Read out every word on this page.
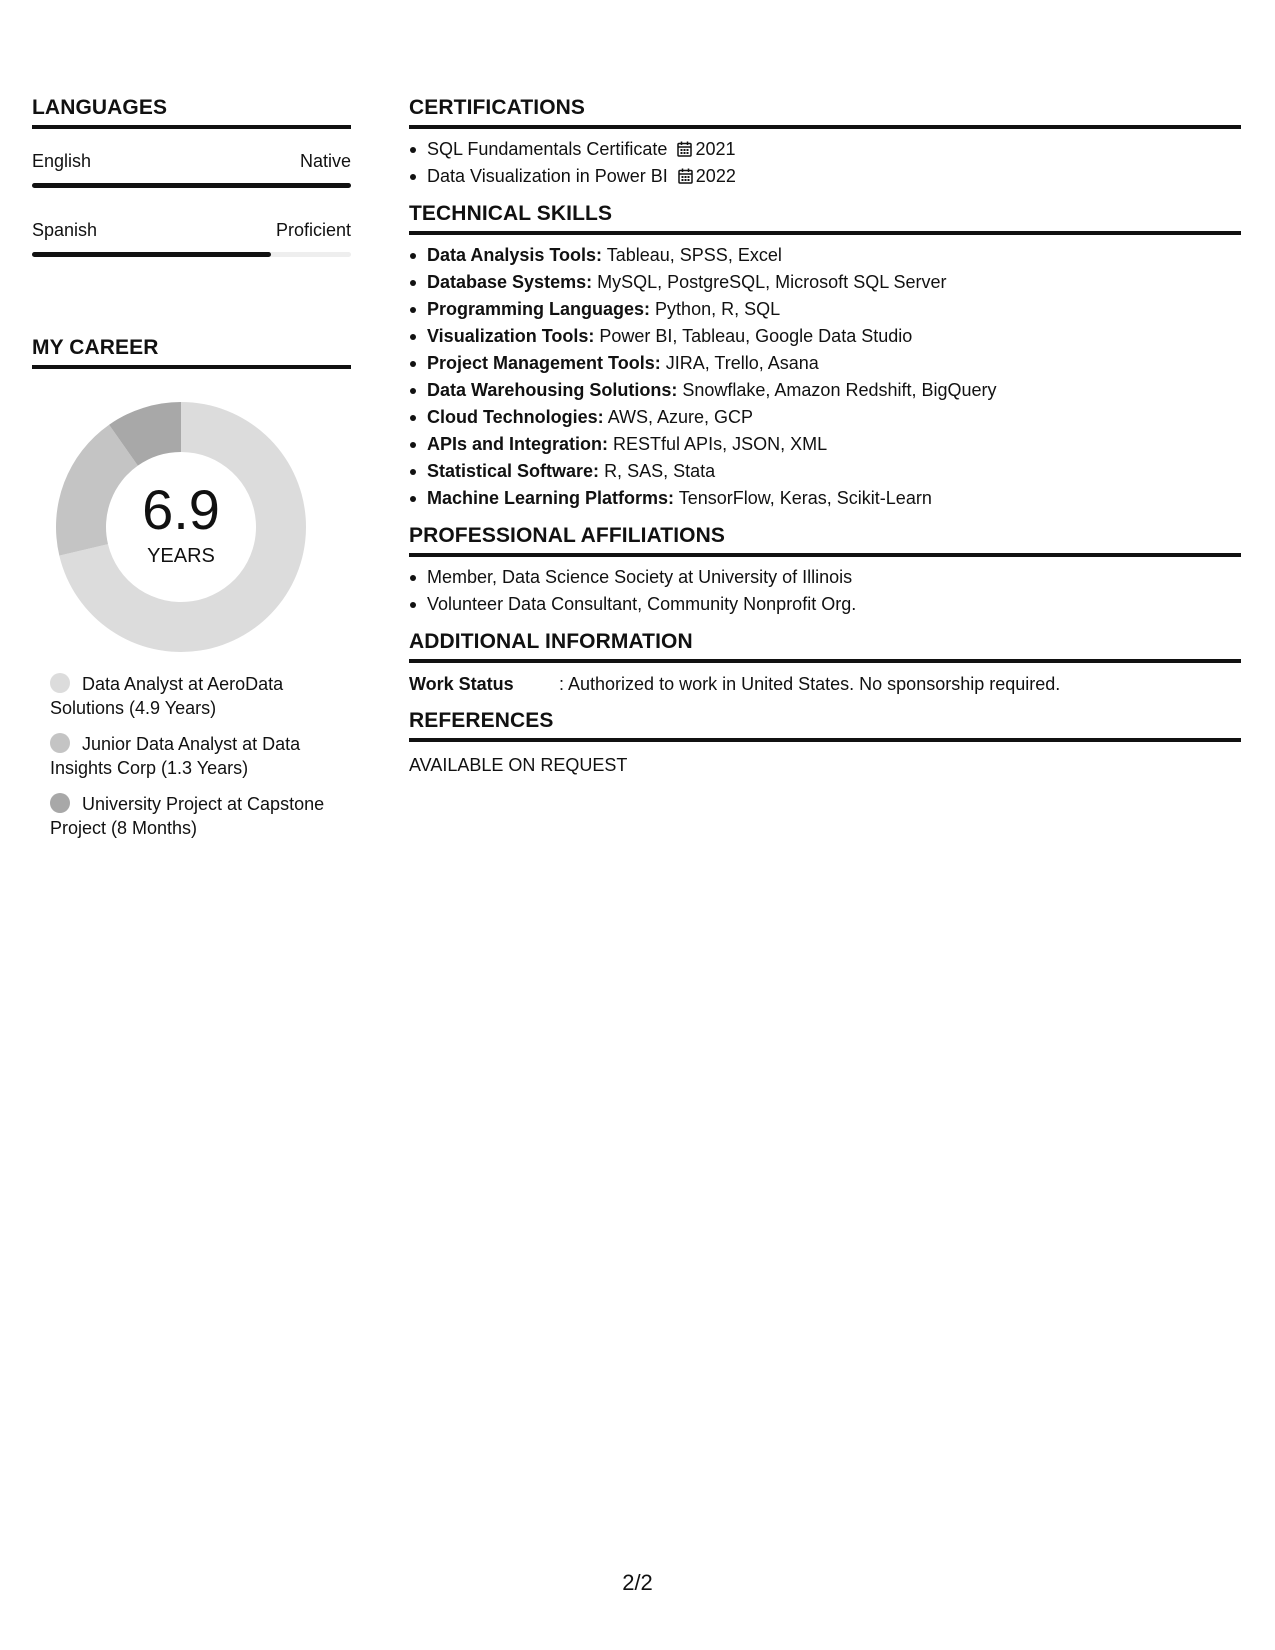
LANGUAGES
English	Native
Spanish	Proficient
MY CAREER
6.9
YEARS
Data Analyst at AeroData Solutions (4.9 Years)
Junior Data Analyst at Data Insights Corp (1.3 Years)
University Project at Capstone Project (8 Months)
CERTIFICATIONS
SQL Fundamentals Certificate 2021
Data Visualization in Power BI 2022
TECHNICAL SKILLS
Data Analysis Tools: Tableau, SPSS, Excel
Database Systems: MySQL, PostgreSQL, Microsoft SQL Server
Programming Languages: Python, R, SQL
Visualization Tools: Power BI, Tableau, Google Data Studio
Project Management Tools: JIRA, Trello, Asana
Data Warehousing Solutions: Snowflake, Amazon Redshift, BigQuery
Cloud Technologies: AWS, Azure, GCP
APIs and Integration: RESTful APIs, JSON, XML
Statistical Software: R, SAS, Stata
Machine Learning Platforms: TensorFlow, Keras, Scikit-Learn
PROFESSIONAL AFFILIATIONS
Member, Data Science Society at University of Illinois
Volunteer Data Consultant, Community Nonprofit Org.
ADDITIONAL INFORMATION
Work Status	: Authorized to work in United States. No sponsorship required.
REFERENCES

AVAILABLE ON REQUEST

2/2
